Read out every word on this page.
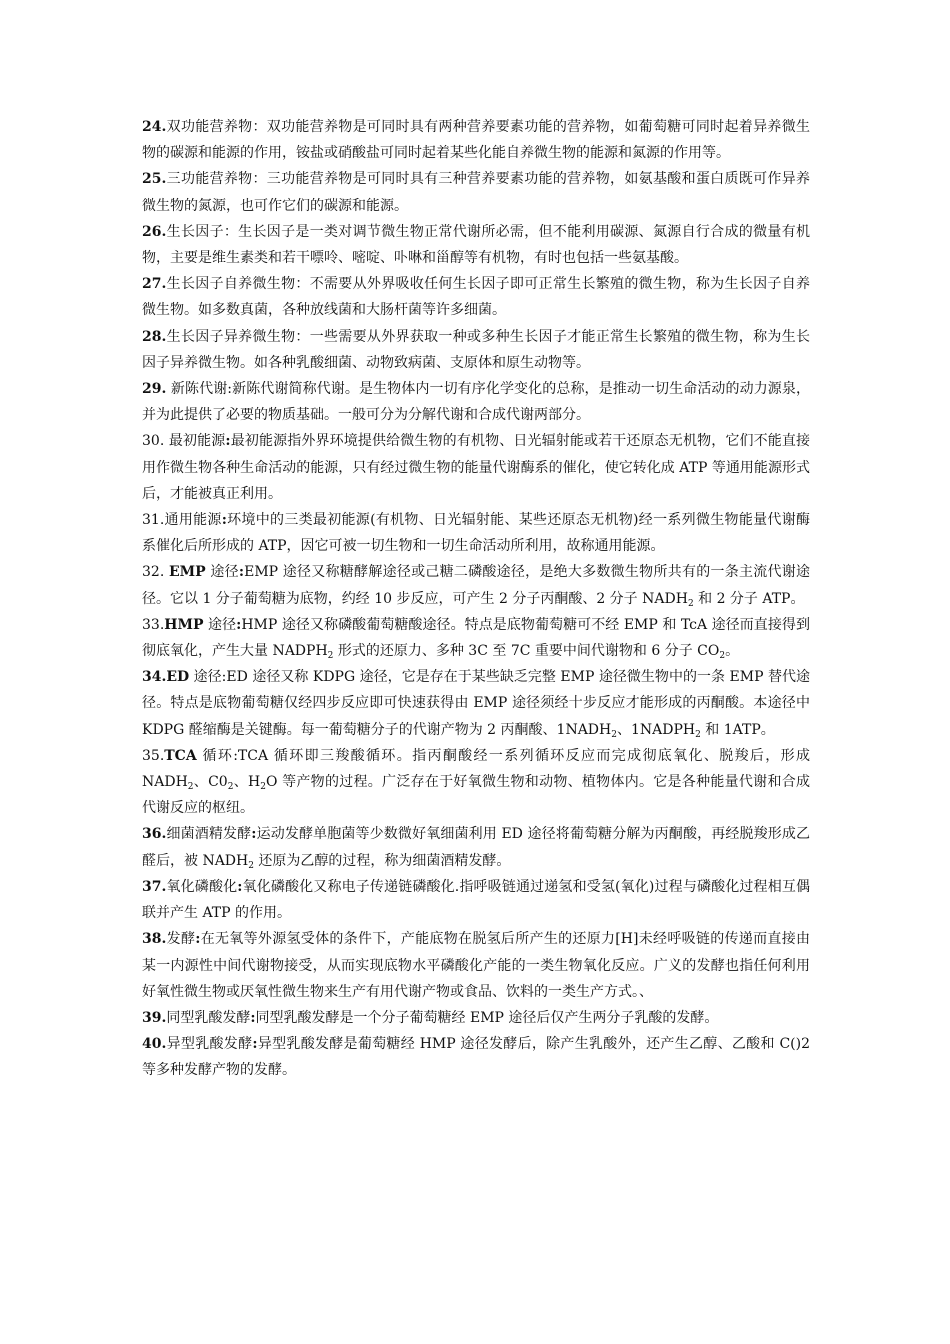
24.双功能营养物：双功能营养物是可同时具有两种营养要素功能的营养物，如葡萄糖可同时起着异养微生物的碳源和能源的作用，铵盐或硝酸盐可同时起着某些化能自养微生物的能源和氮源的作用等。

25.三功能营养物：三功能营养物是可同时具有三种营养要素功能的营养物，如氨基酸和蛋白质既可作异养微生物的氮源，也可作它们的碳源和能源。

26.生长因子：生长因子是一类对调节微生物正常代谢所必需，但不能利用碳源、氮源自行合成的微量有机物，主要是维生素类和若干嘌呤、嘧啶、卟啉和甾醇等有机物，有时也包括一些氨基酸。

27.生长因子自养微生物：不需要从外界吸收任何生长因子即可正常生长繁殖的微生物，称为生长因子自养微生物。如多数真菌，各种放线菌和大肠杆菌等许多细菌。

28.生长因子异养微生物：一些需要从外界获取一种或多种生长因子才能正常生长繁殖的微生物，称为生长因子异养微生物。如各种乳酸细菌、动物致病菌、支原体和原生动物等。

29. 新陈代谢:新陈代谢简称代谢。是生物体内一切有序化学变化的总称，是推动一切生命活动的动力源泉，并为此提供了必要的物质基础。一般可分为分解代谢和合成代谢两部分。

30. 最初能源:最初能源指外界环境提供给微生物的有机物、日光辐射能或若干还原态无机物，它们不能直接用作微生物各种生命活动的能源，只有经过微生物的能量代谢酶系的催化，使它转化成 ATP 等通用能源形式后，才能被真正利用。

31.通用能源:环境中的三类最初能源(有机物、日光辐射能、某些还原态无机物)经一系列微生物能量代谢酶系催化后所形成的 ATP，因它可被一切生物和一切生命活动所利用，故称通用能源。

32. EMP 途径:EMP 途径又称糖酵解途径或己糖二磷酸途径，是绝大多数微生物所共有的一条主流代谢途径。它以 1 分子葡萄糖为底物，约经 10 步反应，可产生 2 分子丙酮酸、2 分子 $NADH_2$ 和 2 分子 ATP。

33.HMP 途径:HMP 途径又称磷酸葡萄糖酸途径。特点是底物葡萄糖可不经 EMP 和 TcA 途径而直接得到彻底氧化，产生大量 $NADPH_2$ 形式的还原力、多种 3C 至 7C 重要中间代谢物和 6 分子 $CO_2$。

34.ED 途径:ED 途径又称 KDPG 途径，它是存在于某些缺乏完整 EMP 途径微生物中的一条 EMP 替代途径。特点是底物葡萄糖仅经四步反应即可快速获得由 EMP 途径须经十步反应才能形成的丙酮酸。本途径中 KDPG 醛缩酶是关键酶。每一葡萄糖分子的代谢产物为 2 丙酮酸、$1NADH_2$、$1NADPH_2$ 和 1ATP。

35.TCA 循环:TCA 循环即三羧酸循环。指丙酮酸经一系列循环反应而完成彻底氧化、脱羧后，形成 $NADH_2$、$C0_2$、$H_2O$ 等产物的过程。广泛存在于好氧微生物和动物、植物体内。它是各种能量代谢和合成代谢反应的枢纽。

36.细菌酒精发酵:运动发酵单胞菌等少数微好氧细菌利用 ED 途径将葡萄糖分解为丙酮酸，再经脱羧形成乙醛后，被 $NADH_2$ 还原为乙醇的过程，称为细菌酒精发酵。

37.氧化磷酸化:氧化磷酸化又称电子传递链磷酸化.指呼吸链通过递氢和受氢(氧化)过程与磷酸化过程相互偶联并产生 ATP 的作用。

38.发酵:在无氧等外源氢受体的条件下，产能底物在脱氢后所产生的还原力[H]未经呼吸链的传递而直接由某一内源性中间代谢物接受，从而实现底物水平磷酸化产能的一类生物氧化反应。广义的发酵也指任何利用好氧性微生物或厌氧性微生物来生产有用代谢产物或食品、饮料的一类生产方式。、

39.同型乳酸发酵:同型乳酸发酵是一个分子葡萄糖经 EMP 途径后仅产生两分子乳酸的发酵。

40.异型乳酸发酵:异型乳酸发酵是葡萄糖经 HMP 途径发酵后，除产生乳酸外，还产生乙醇、乙酸和 C()2 等多种发酵产物的发酵。
